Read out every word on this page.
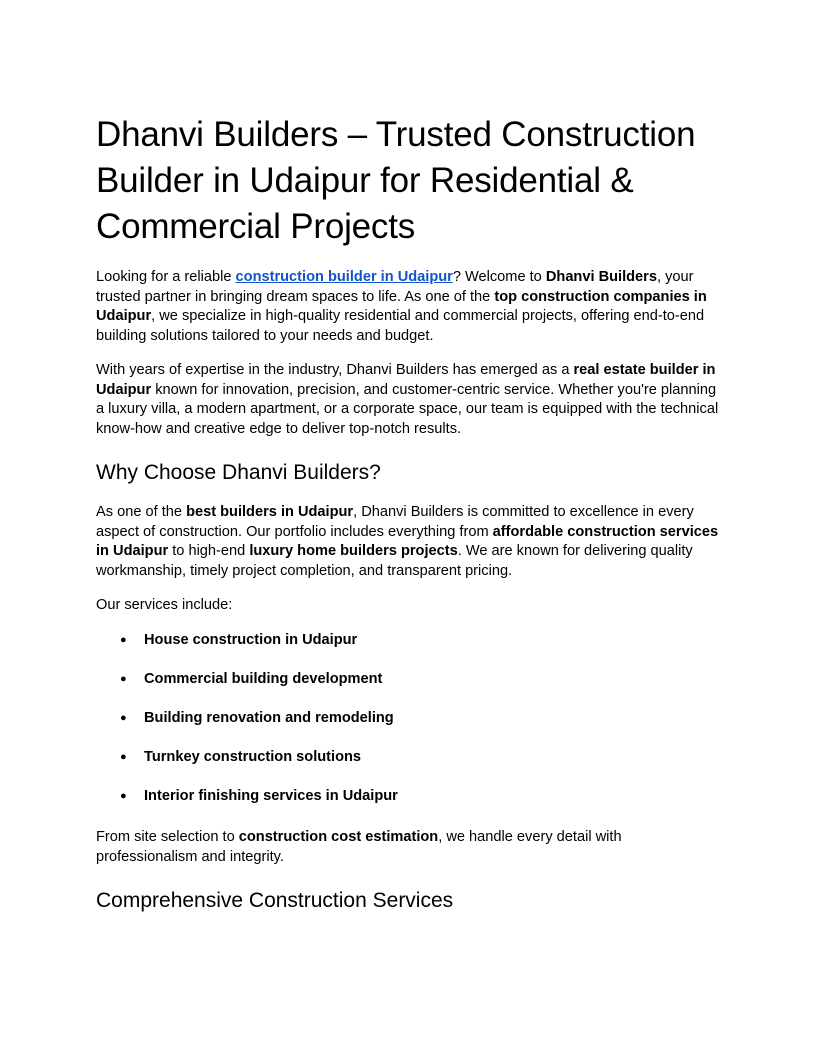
Dhanvi Builders – Trusted Construction Builder in Udaipur for Residential & Commercial Projects

Looking for a reliable construction builder in Udaipur? Welcome to Dhanvi Builders, your trusted partner in bringing dream spaces to life. As one of the top construction companies in Udaipur, we specialize in high-quality residential and commercial projects, offering end-to-end building solutions tailored to your needs and budget.

With years of expertise in the industry, Dhanvi Builders has emerged as a real estate builder in Udaipur known for innovation, precision, and customer-centric service. Whether you're planning a luxury villa, a modern apartment, or a corporate space, our team is equipped with the technical know-how and creative edge to deliver top-notch results.

Why Choose Dhanvi Builders?

As one of the best builders in Udaipur, Dhanvi Builders is committed to excellence in every aspect of construction. Our portfolio includes everything from affordable construction services in Udaipur to high-end luxury home builders projects. We are known for delivering quality workmanship, timely project completion, and transparent pricing.

Our services include:

● House construction in Udaipur
● Commercial building development
● Building renovation and remodeling
● Turnkey construction solutions
● Interior finishing services in Udaipur

From site selection to construction cost estimation, we handle every detail with professionalism and integrity.

Comprehensive Construction Services
